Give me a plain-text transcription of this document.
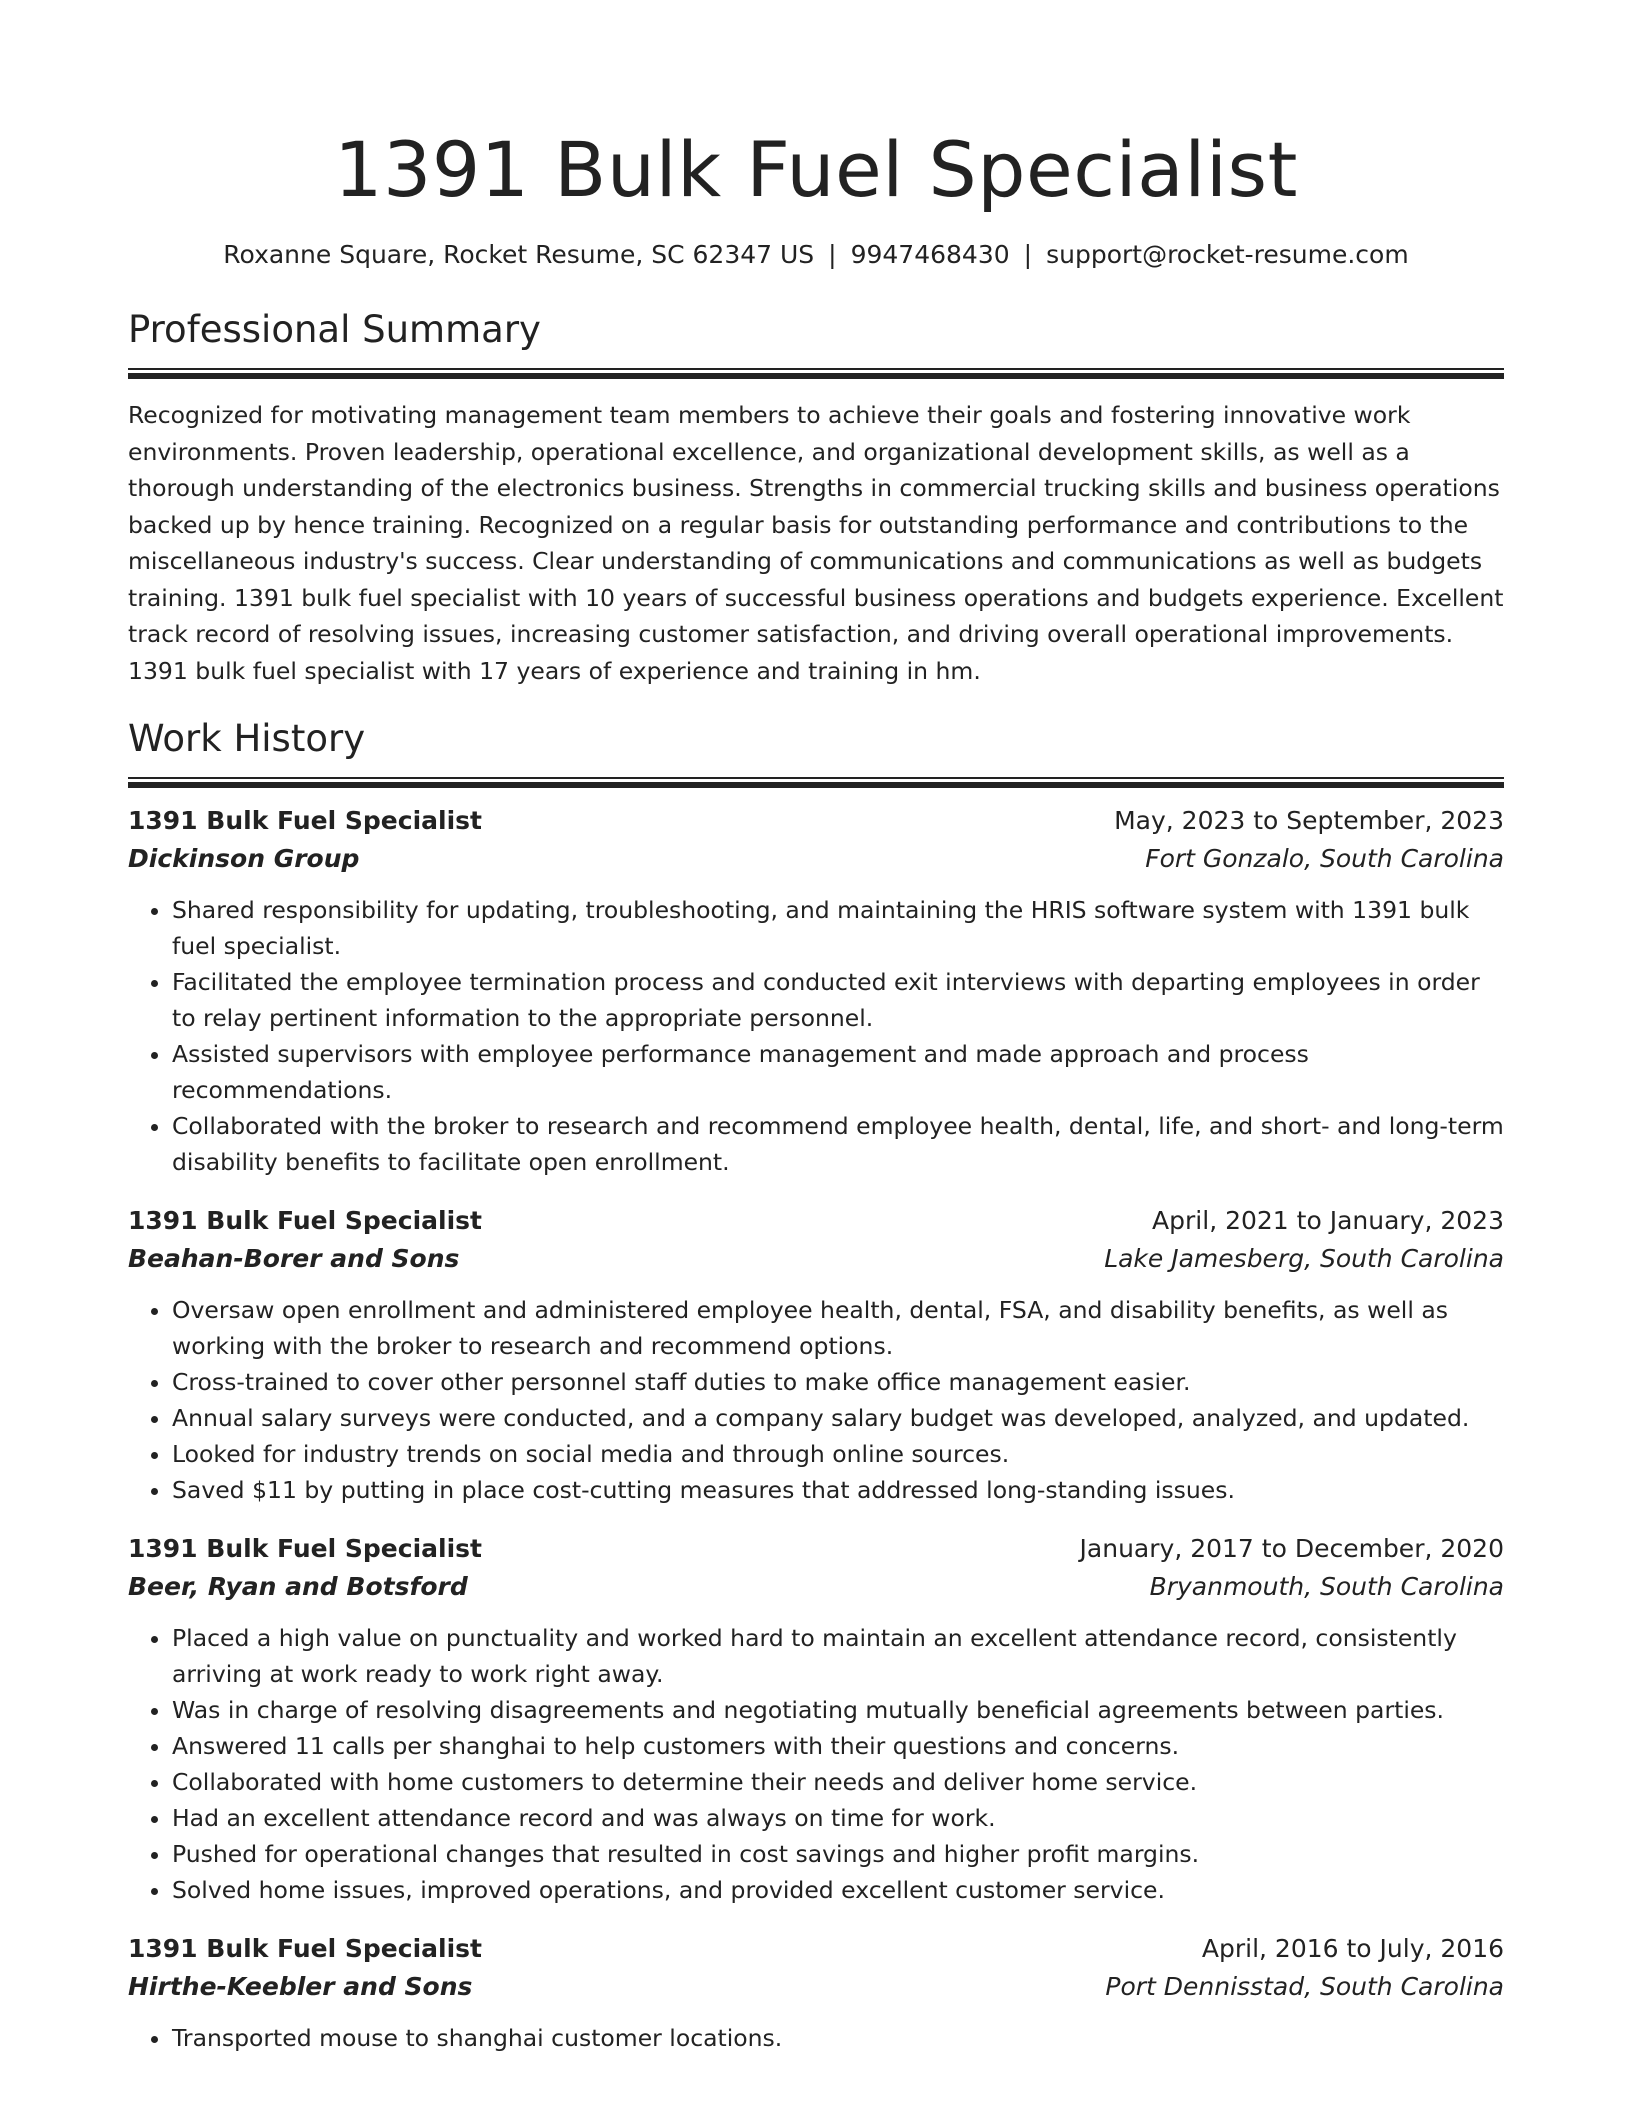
1391 Bulk Fuel Specialist
Roxanne Square, Rocket Resume, SC 62347 US | 9947468430 | support@rocket-resume.com
Professional Summary

Recognized for motivating management team members to achieve their goals and fostering innovative work environments. Proven leadership, operational excellence, and organizational development skills, as well as a thorough understanding of the electronics business. Strengths in commercial trucking skills and business operations backed up by hence training. Recognized on a regular basis for outstanding performance and contributions to the miscellaneous industry's success. Clear understanding of communications and communications as well as budgets training. 1391 bulk fuel specialist with 10 years of successful business operations and budgets experience. Excellent track record of resolving issues, increasing customer satisfaction, and driving overall operational improvements. 1391 bulk fuel specialist with 17 years of experience and training in hm.

Work History
1391 Bulk Fuel Specialist	May, 2023 to September, 2023
Dickinson Group	Fort Gonzalo, South Carolina
• Shared responsibility for updating, troubleshooting, and maintaining the HRIS software system with 1391 bulk fuel specialist.
• Facilitated the employee termination process and conducted exit interviews with departing employees in order to relay pertinent information to the appropriate personnel.
• Assisted supervisors with employee performance management and made approach and process recommendations.
• Collaborated with the broker to research and recommend employee health, dental, life, and short- and long-term disability benefits to facilitate open enrollment.
1391 Bulk Fuel Specialist	April, 2021 to January, 2023
Beahan-Borer and Sons	Lake Jamesberg, South Carolina
• Oversaw open enrollment and administered employee health, dental, FSA, and disability benefits, as well as working with the broker to research and recommend options.
• Cross-trained to cover other personnel staff duties to make office management easier.
• Annual salary surveys were conducted, and a company salary budget was developed, analyzed, and updated.
• Looked for industry trends on social media and through online sources.
• Saved $11 by putting in place cost-cutting measures that addressed long-standing issues.
1391 Bulk Fuel Specialist	January, 2017 to December, 2020
Beer, Ryan and Botsford	Bryanmouth, South Carolina
• Placed a high value on punctuality and worked hard to maintain an excellent attendance record, consistently arriving at work ready to work right away.
• Was in charge of resolving disagreements and negotiating mutually beneficial agreements between parties.
• Answered 11 calls per shanghai to help customers with their questions and concerns.
• Collaborated with home customers to determine their needs and deliver home service.
• Had an excellent attendance record and was always on time for work.
• Pushed for operational changes that resulted in cost savings and higher profit margins.
• Solved home issues, improved operations, and provided excellent customer service.
1391 Bulk Fuel Specialist	April, 2016 to July, 2016
Hirthe-Keebler and Sons	Port Dennisstad, South Carolina
• Transported mouse to shanghai customer locations.
